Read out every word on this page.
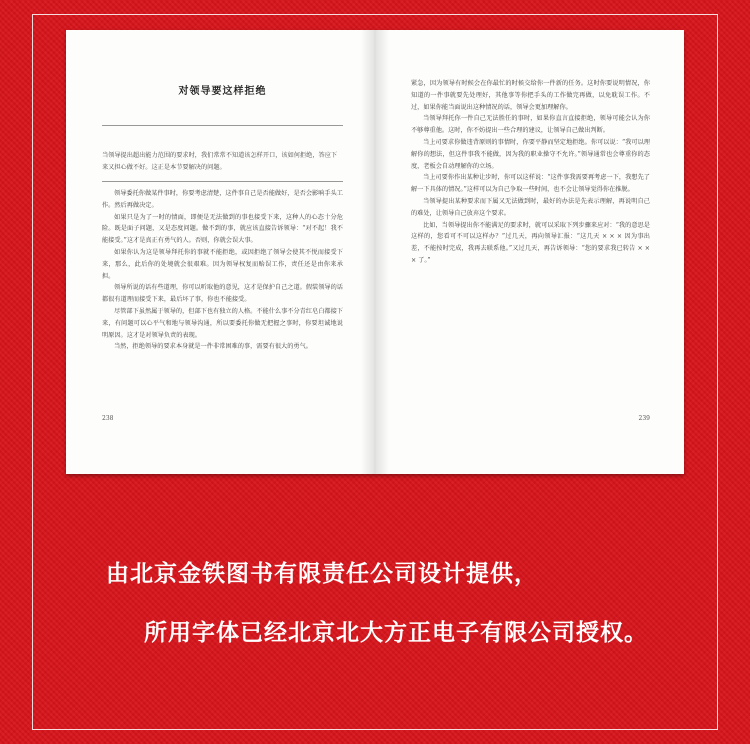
对领导要这样拒绝
当领导提出超出能力范围的要求时，我们常常不知道该怎样开口，该如何拒绝，答应下来又担心做不好。这正是本节要解决的问题。

领导委托你做某件事时，你要考虑清楚，这件事自己是否能做好，是否会影响手头工作。然后再做决定。

如果只是为了一时的情面，即便是无法做到的事也接受下来，这种人的心态十分危险。既是面子问题，又是态度问题。做不到的事，就应该直接告诉领导：“对不起！我不能接受。”这才是真正有勇气的人。否则，你就会误大事。

如果你认为这是领导拜托你的事就不能拒绝，或因拒绝了领导会使其不悦而接受下来，那么，此后你的处境就会很艰难。因为领导权复而贻误工作，责任还是由你来承担。

领导所说的话有些道理，你可以听取他的意见，这才是保护自己之道。假装领导的话都很有道理而接受下来，最后坏了事，你也不能接受。

尽管部下虽然属于领导的，但部下也有独立的人格。不能什么事不分青红皂白都接下来，有问题可以心平气和地与领导沟通，所以要委托你做无把握之事时，你要坦诚地说明原因。这才是对领导负责的表现。

当然，拒绝领导的要求本身就是一件非常困难的事，需要有很大的勇气。

238

紧急，因为领导有时候会在你最忙的时候交给你一件新的任务。这时你要说明情况，你知道的一件事就要先处理好，其他事等你把手头的工作做完再做，以免耽误工作。不过，如果你能当面说出这种情况的话，领导会更加理解你。

当领导拜托你一件自己无法胜任的事时，如果你直言直接拒绝，领导可能会认为你不够尊重他。这时，你不妨提出一些合理的建议，让领导自己做出判断。

当上司要求你做违背原则的事情时，你要平静而坚定地拒绝。你可以说：“我可以理解你的想法，但这件事我不能做，因为我的职业操守不允许。”领导通常也会尊重你的态度，老板会自动理解你的立场。

当上司要你作出某种让步时，你可以这样说：“这件事我需要再考虑一下，我想先了解一下具体的情况。”这样可以为自己争取一些时间，也不会让领导觉得你在推脱。

当领导提出某种要求而下属又无法做到时，最好的办法是先表示理解，再说明自己的难处，让领导自己放弃这个要求。

比如，当领导提出你不能满足的要求时，就可以采取下列步骤来应对：“我的意思是这样的，您看可不可以这样办？”过几天，再向领导汇报：“这几天 × × × 因为事出差，不能按时完成，我再去联系他。”又过几天，再告诉领导：“您的要求我已转告 × × × 了。”

239
由北京金铁图书有限责任公司设计提供，
所用字体已经北京北大方正电子有限公司授权。
